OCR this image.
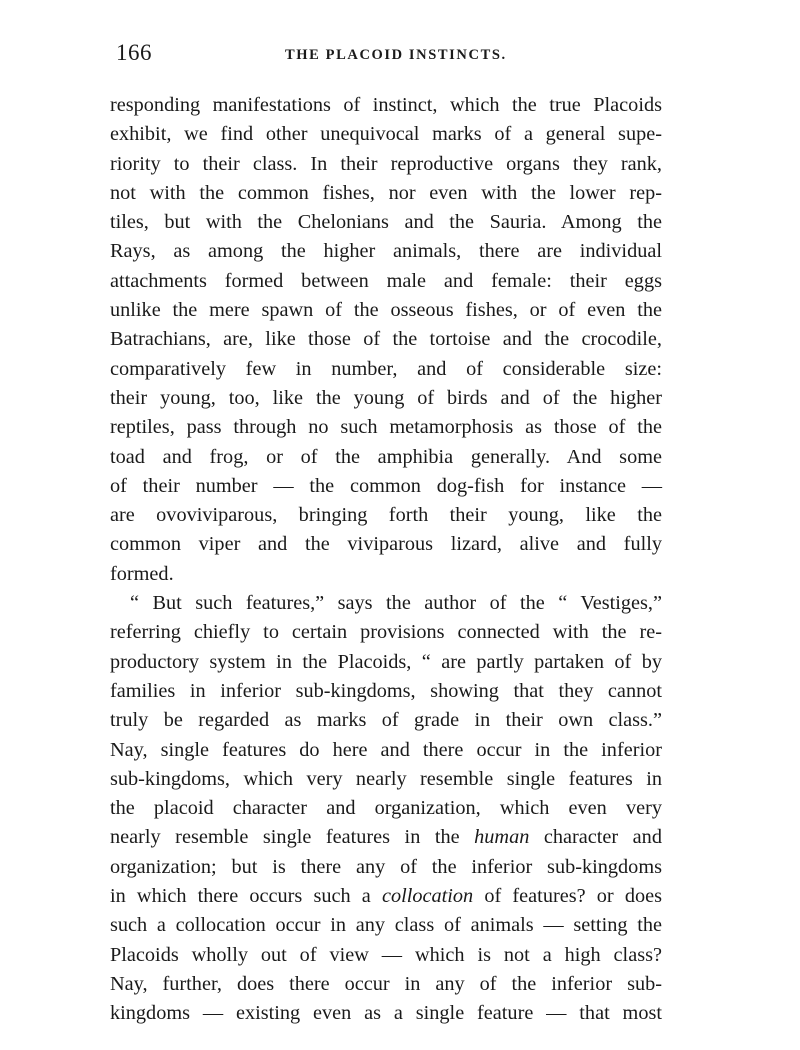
166	THE PLACOID INSTINCTS.
responding manifestations of instinct, which the true Placoids
exhibit, we find other unequivocal marks of a general supe-
riority to their class. In their reproductive organs they rank,
not with the common fishes, nor even with the lower rep-
tiles, but with the Chelonians and the Sauria. Among the
Rays, as among the higher animals, there are individual
attachments formed between male and female: their eggs
unlike the mere spawn of the osseous fishes, or of even the
Batrachians, are, like those of the tortoise and the crocodile,
comparatively few in number, and of considerable size:
their young, too, like the young of birds and of the higher
reptiles, pass through no such metamorphosis as those of the
toad and frog, or of the amphibia generally. And some
of their number — the common dog-fish for instance —
are ovoviviparous, bringing forth their young, like the
common viper and the viviparous lizard, alive and fully
formed.
“ But such features,” says the author of the “ Vestiges,”
referring chiefly to certain provisions connected with the re-
productory system in the Placoids, “ are partly partaken of by
families in inferior sub-kingdoms, showing that they cannot
truly be regarded as marks of grade in their own class.”
Nay, single features do here and there occur in the inferior
sub-kingdoms, which very nearly resemble single features in
the placoid character and organization, which even very
nearly resemble single features in the human character and
organization; but is there any of the inferior sub-kingdoms
in which there occurs such a collocation of features? or does
such a collocation occur in any class of animals — setting the
Placoids wholly out of view — which is not a high class?
Nay, further, does there occur in any of the inferior sub-
kingdoms — existing even as a single feature — that most
